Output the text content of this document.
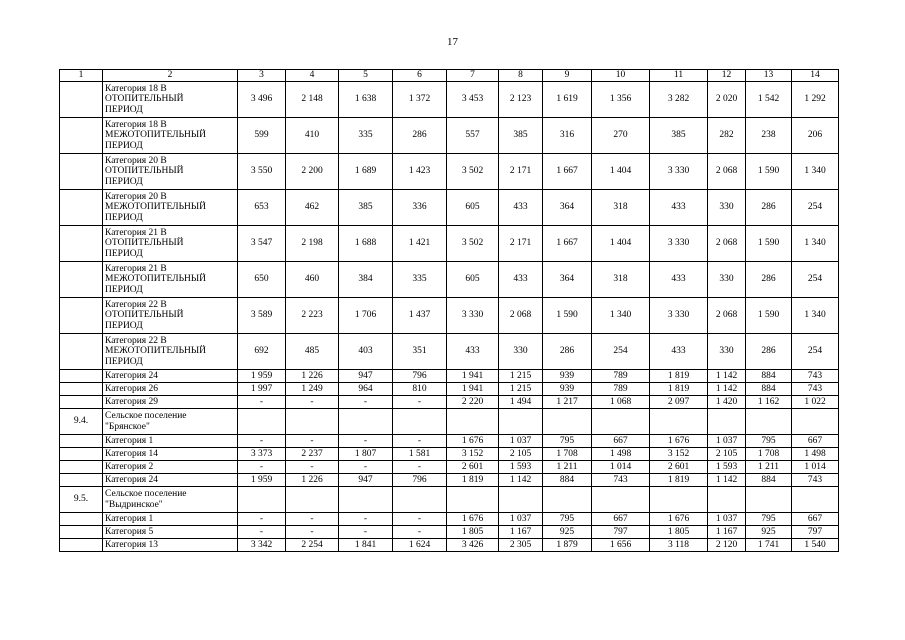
17
1	2	3	4	5	6	7	8	9	10	11	12	13	14
	Категория 18 В
ОТОПИТЕЛЬНЫЙ
ПЕРИОД	3 496	2 148	1 638	1 372	3 453	2 123	1 619	1 356	3 282	2 020	1 542	1 292
	Категория 18 В
МЕЖОТОПИТЕЛЬНЫЙ
ПЕРИОД	599	410	335	286	557	385	316	270	385	282	238	206
	Категория 20 В
ОТОПИТЕЛЬНЫЙ
ПЕРИОД	3 550	2 200	1 689	1 423	3 502	2 171	1 667	1 404	3 330	2 068	1 590	1 340
	Категория 20 В
МЕЖОТОПИТЕЛЬНЫЙ
ПЕРИОД	653	462	385	336	605	433	364	318	433	330	286	254
	Категория 21 В
ОТОПИТЕЛЬНЫЙ
ПЕРИОД	3 547	2 198	1 688	1 421	3 502	2 171	1 667	1 404	3 330	2 068	1 590	1 340
	Категория 21 В
МЕЖОТОПИТЕЛЬНЫЙ
ПЕРИОД	650	460	384	335	605	433	364	318	433	330	286	254
	Категория 22 В
ОТОПИТЕЛЬНЫЙ
ПЕРИОД	3 589	2 223	1 706	1 437	3 330	2 068	1 590	1 340	3 330	2 068	1 590	1 340
	Категория 22 В
МЕЖОТОПИТЕЛЬНЫЙ
ПЕРИОД	692	485	403	351	433	330	286	254	433	330	286	254
	Категория 24	1 959	1 226	947	796	1 941	1 215	939	789	1 819	1 142	884	743
	Категория 26	1 997	1 249	964	810	1 941	1 215	939	789	1 819	1 142	884	743
	Категория 29	-	-	-	-	2 220	1 494	1 217	1 068	2 097	1 420	1 162	1 022
9.4.	Сельское поселение
"Брянское"												
	Категория 1	-	-	-	-	1 676	1 037	795	667	1 676	1 037	795	667
	Категория 14	3 373	2 237	1 807	1 581	3 152	2 105	1 708	1 498	3 152	2 105	1 708	1 498
	Категория 2	-	-	-	-	2 601	1 593	1 211	1 014	2 601	1 593	1 211	1 014
	Категория 24	1 959	1 226	947	796	1 819	1 142	884	743	1 819	1 142	884	743
9.5.	Сельское поселение
"Выдринское"												
	Категория 1	-	-	-	-	1 676	1 037	795	667	1 676	1 037	795	667
	Категория 5	-	-	-	-	1 805	1 167	925	797	1 805	1 167	925	797
	Категория 13	3 342	2 254	1 841	1 624	3 426	2 305	1 879	1 656	3 118	2 120	1 741	1 540
